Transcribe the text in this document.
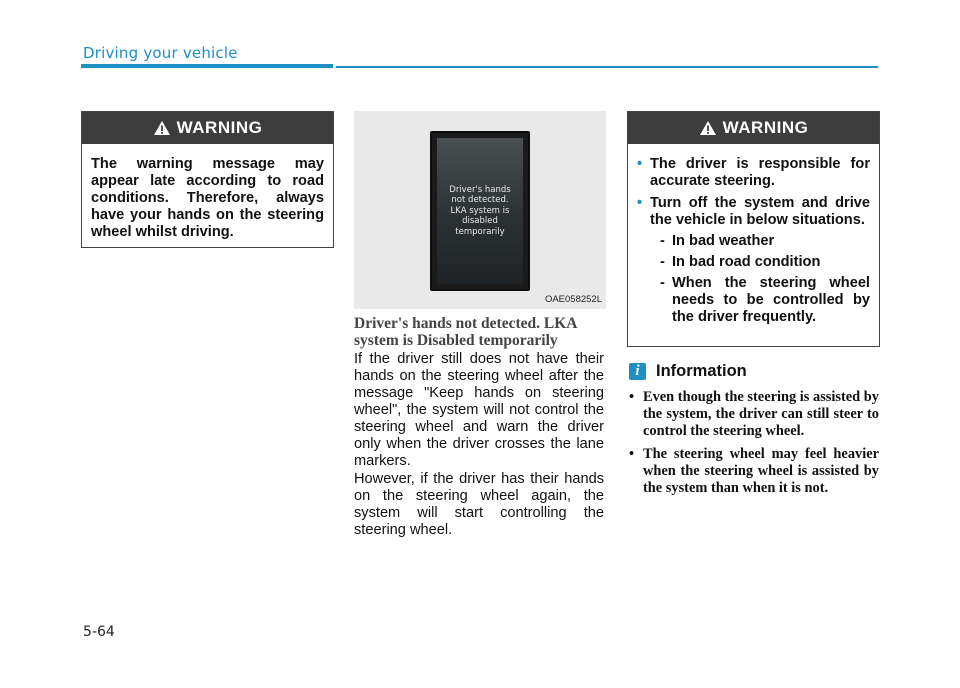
Driving your vehicle
WARNING
The warning message may appear late according to road conditions. Therefore, always have your hands on the steering wheel whilst driving.
Driver's hands
not detected.
LKA system is
disabled
temporarily
OAE058252L
Driver's hands not detected. LKA system is Disabled temporarily
If the driver still does not have their hands on the steering wheel after the message "Keep hands on steering wheel", the system will not control the steering wheel and warn the driver only when the driver crosses the lane markers.
However, if the driver has their hands on the steering wheel again, the system will start controlling the steering wheel.
WARNING
• The driver is responsible for accurate steering.
• Turn off the system and drive the vehicle in below situations.
- In bad weather
- In bad road condition
- When the steering wheel needs to be controlled by the driver frequently.
i Information
• Even though the steering is assisted by the system, the driver can still steer to control the steering wheel.
• The steering wheel may feel heavier when the steering wheel is assisted by the system than when it is not.
5-64
